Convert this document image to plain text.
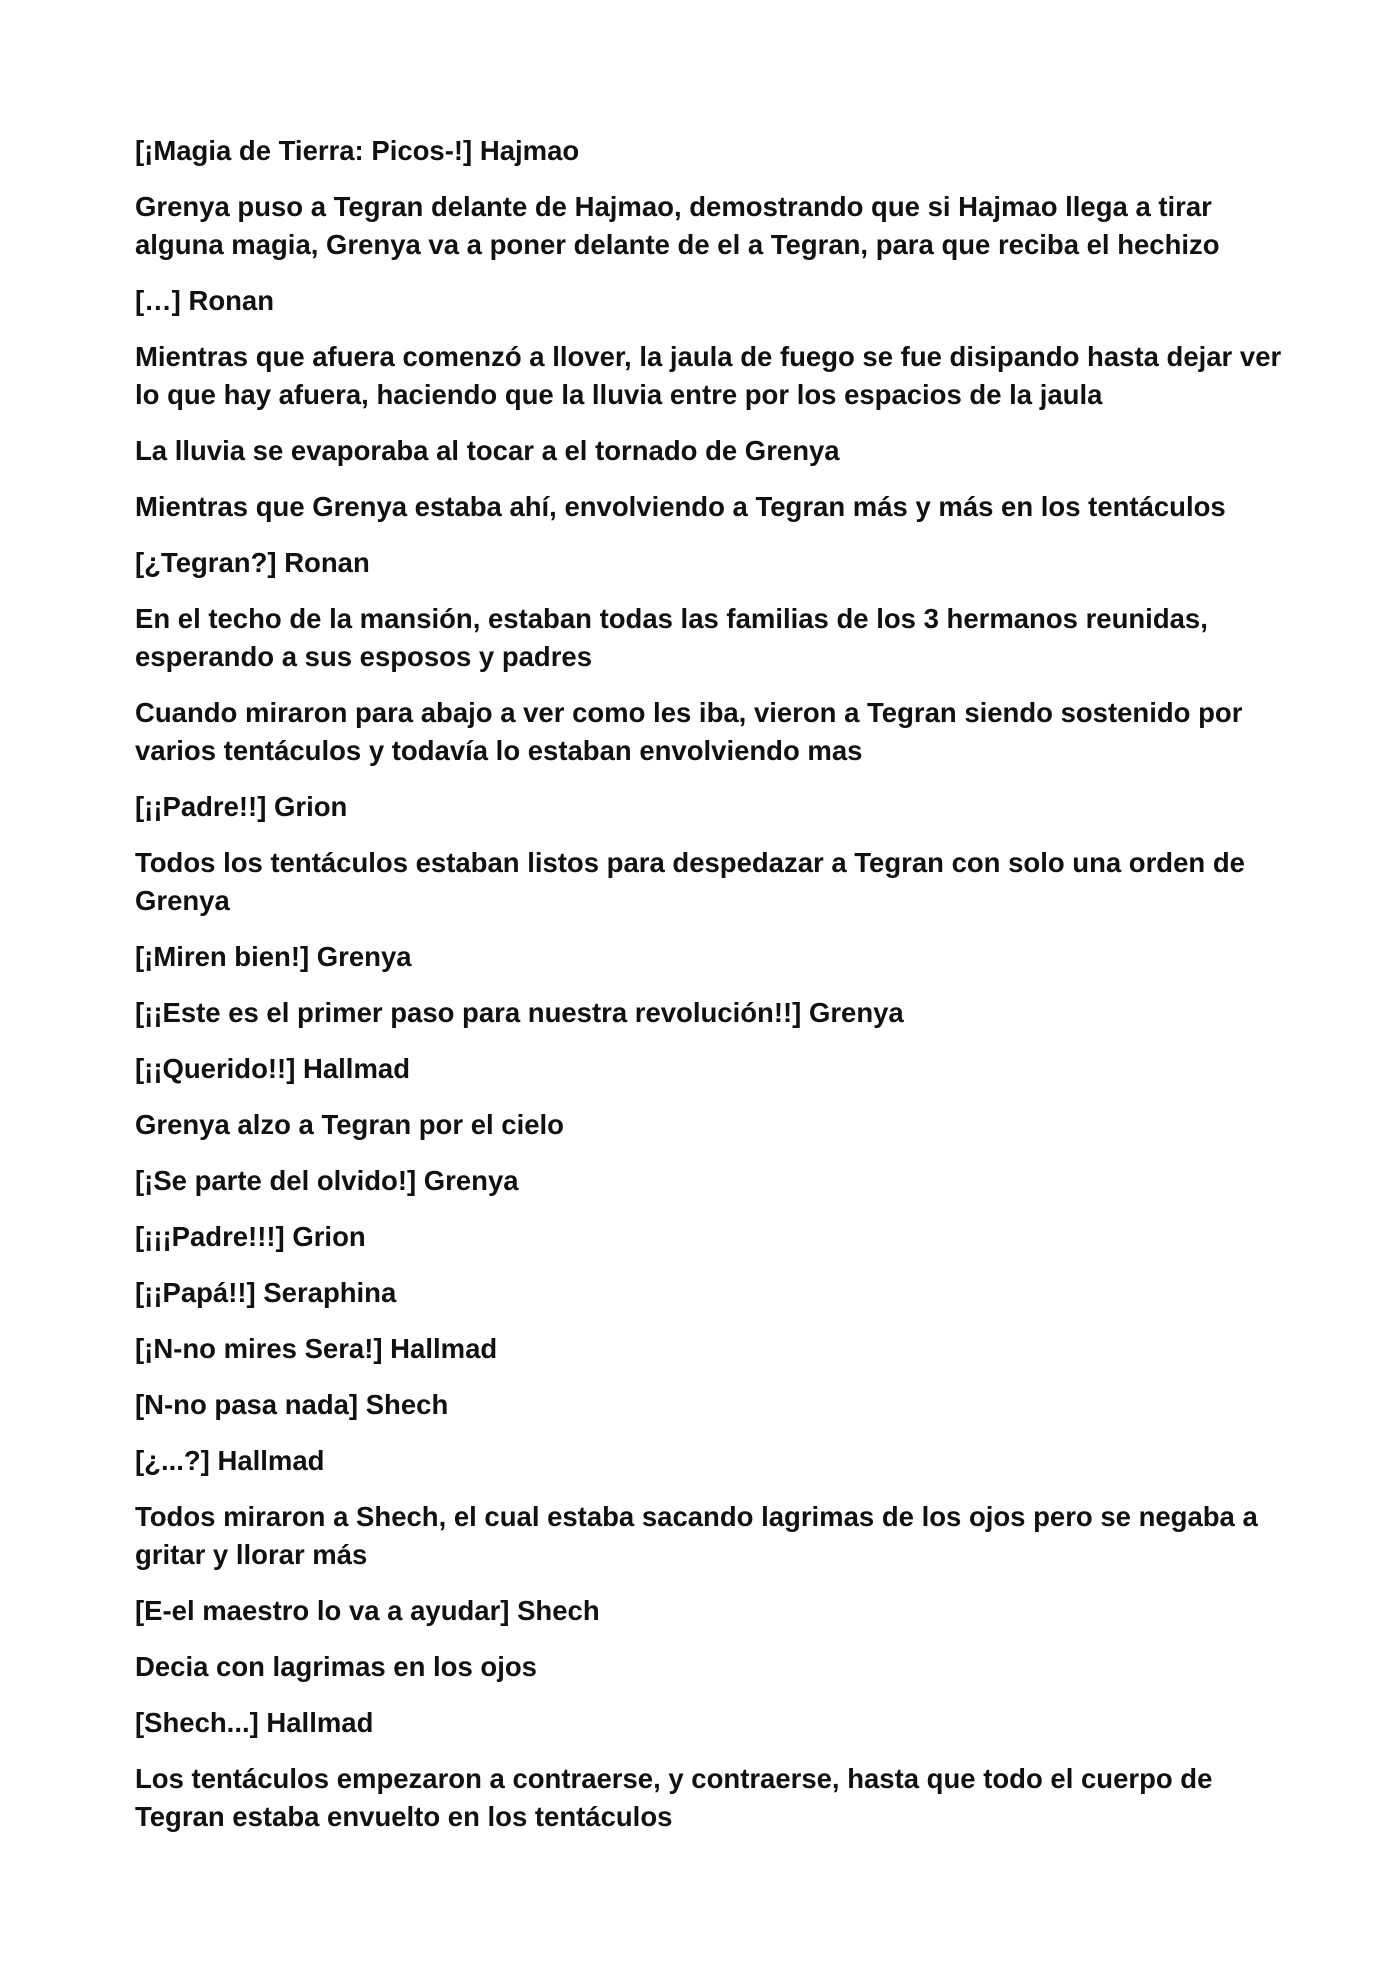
[¡Magia de Tierra: Picos-!] Hajmao

Grenya puso a Tegran delante de Hajmao, demostrando que si Hajmao llega a tirar alguna magia, Grenya va a poner delante de el a Tegran, para que reciba el hechizo

[…] Ronan

Mientras que afuera comenzó a llover, la jaula de fuego se fue disipando hasta dejar ver lo que hay afuera, haciendo que la lluvia entre por los espacios de la jaula

La lluvia se evaporaba al tocar a el tornado de Grenya

Mientras que Grenya estaba ahí, envolviendo a Tegran más y más en los tentáculos

[¿Tegran?] Ronan

En el techo de la mansión, estaban todas las familias de los 3 hermanos reunidas, esperando a sus esposos y padres

Cuando miraron para abajo a ver como les iba, vieron a Tegran siendo sostenido por varios tentáculos y todavía lo estaban envolviendo mas

[¡¡Padre!!] Grion

Todos los tentáculos estaban listos para despedazar a Tegran con solo una orden de Grenya

[¡Miren bien!] Grenya

[¡¡Este es el primer paso para nuestra revolución!!] Grenya

[¡¡Querido!!] Hallmad

Grenya alzo a Tegran por el cielo

[¡Se parte del olvido!] Grenya

[¡¡¡Padre!!!] Grion

[¡¡Papá!!] Seraphina

[¡N-no mires Sera!] Hallmad

[N-no pasa nada] Shech

[¿...?] Hallmad

Todos miraron a Shech, el cual estaba sacando lagrimas de los ojos pero se negaba a gritar y llorar más

[E-el maestro lo va a ayudar] Shech

Decia con lagrimas en los ojos

[Shech...] Hallmad

Los tentáculos empezaron a contraerse, y contraerse, hasta que todo el cuerpo de Tegran estaba envuelto en los tentáculos
